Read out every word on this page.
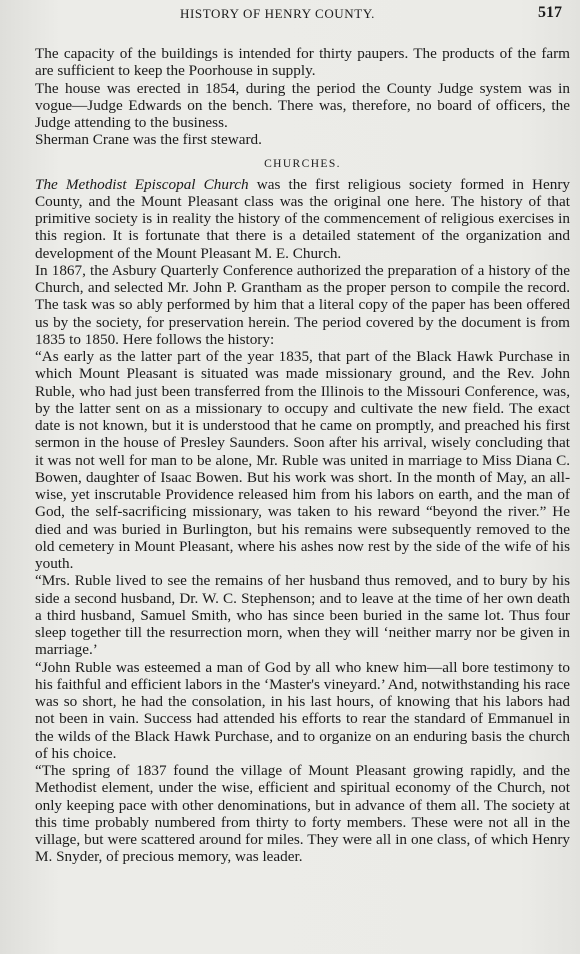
HISTORY OF HENRY COUNTY.	517

The capacity of the buildings is intended for thirty paupers. The products of the farm are sufficient to keep the Poorhouse in supply.

The house was erected in 1854, during the period the County Judge system was in vogue—Judge Edwards on the bench. There was, therefore, no board of officers, the Judge attending to the business.

Sherman Crane was the first steward.

CHURCHES.

The Methodist Episcopal Church was the first religious society formed in Henry County, and the Mount Pleasant class was the original one here. The history of that primitive society is in reality the history of the commencement of religious exercises in this region. It is fortunate that there is a detailed statement of the organization and development of the Mount Pleasant M. E. Church.

In 1867, the Asbury Quarterly Conference authorized the preparation of a history of the Church, and selected Mr. John P. Grantham as the proper person to compile the record. The task was so ably performed by him that a literal copy of the paper has been offered us by the society, for preservation herein. The period covered by the document is from 1835 to 1850. Here follows the history:

“As early as the latter part of the year 1835, that part of the Black Hawk Purchase in which Mount Pleasant is situated was made missionary ground, and the Rev. John Ruble, who had just been transferred from the Illinois to the Missouri Conference, was, by the latter sent on as a missionary to occupy and cultivate the new field. The exact date is not known, but it is understood that he came on promptly, and preached his first sermon in the house of Presley Saunders. Soon after his arrival, wisely concluding that it was not well for man to be alone, Mr. Ruble was united in marriage to Miss Diana C. Bowen, daughter of Isaac Bowen. But his work was short. In the month of May, an all-wise, yet inscrutable Providence released him from his labors on earth, and the man of God, the self-sacrificing missionary, was taken to his reward “beyond the river.” He died and was buried in Burlington, but his remains were subsequently removed to the old cemetery in Mount Pleasant, where his ashes now rest by the side of the wife of his youth.

“Mrs. Ruble lived to see the remains of her husband thus removed, and to bury by his side a second husband, Dr. W. C. Stephenson; and to leave at the time of her own death a third husband, Samuel Smith, who has since been buried in the same lot. Thus four sleep together till the resurrection morn, when they will ‘neither marry nor be given in marriage.’

“John Ruble was esteemed a man of God by all who knew him—all bore testimony to his faithful and efficient labors in the ‘Master's vineyard.’ And, notwithstanding his race was so short, he had the consolation, in his last hours, of knowing that his labors had not been in vain. Success had attended his efforts to rear the standard of Emmanuel in the wilds of the Black Hawk Purchase, and to organize on an enduring basis the church of his choice.

“The spring of 1837 found the village of Mount Pleasant growing rapidly, and the Methodist element, under the wise, efficient and spiritual economy of the Church, not only keeping pace with other denominations, but in advance of them all. The society at this time probably numbered from thirty to forty members. These were not all in the village, but were scattered around for miles. They were all in one class, of which Henry M. Snyder, of precious memory, was leader.
